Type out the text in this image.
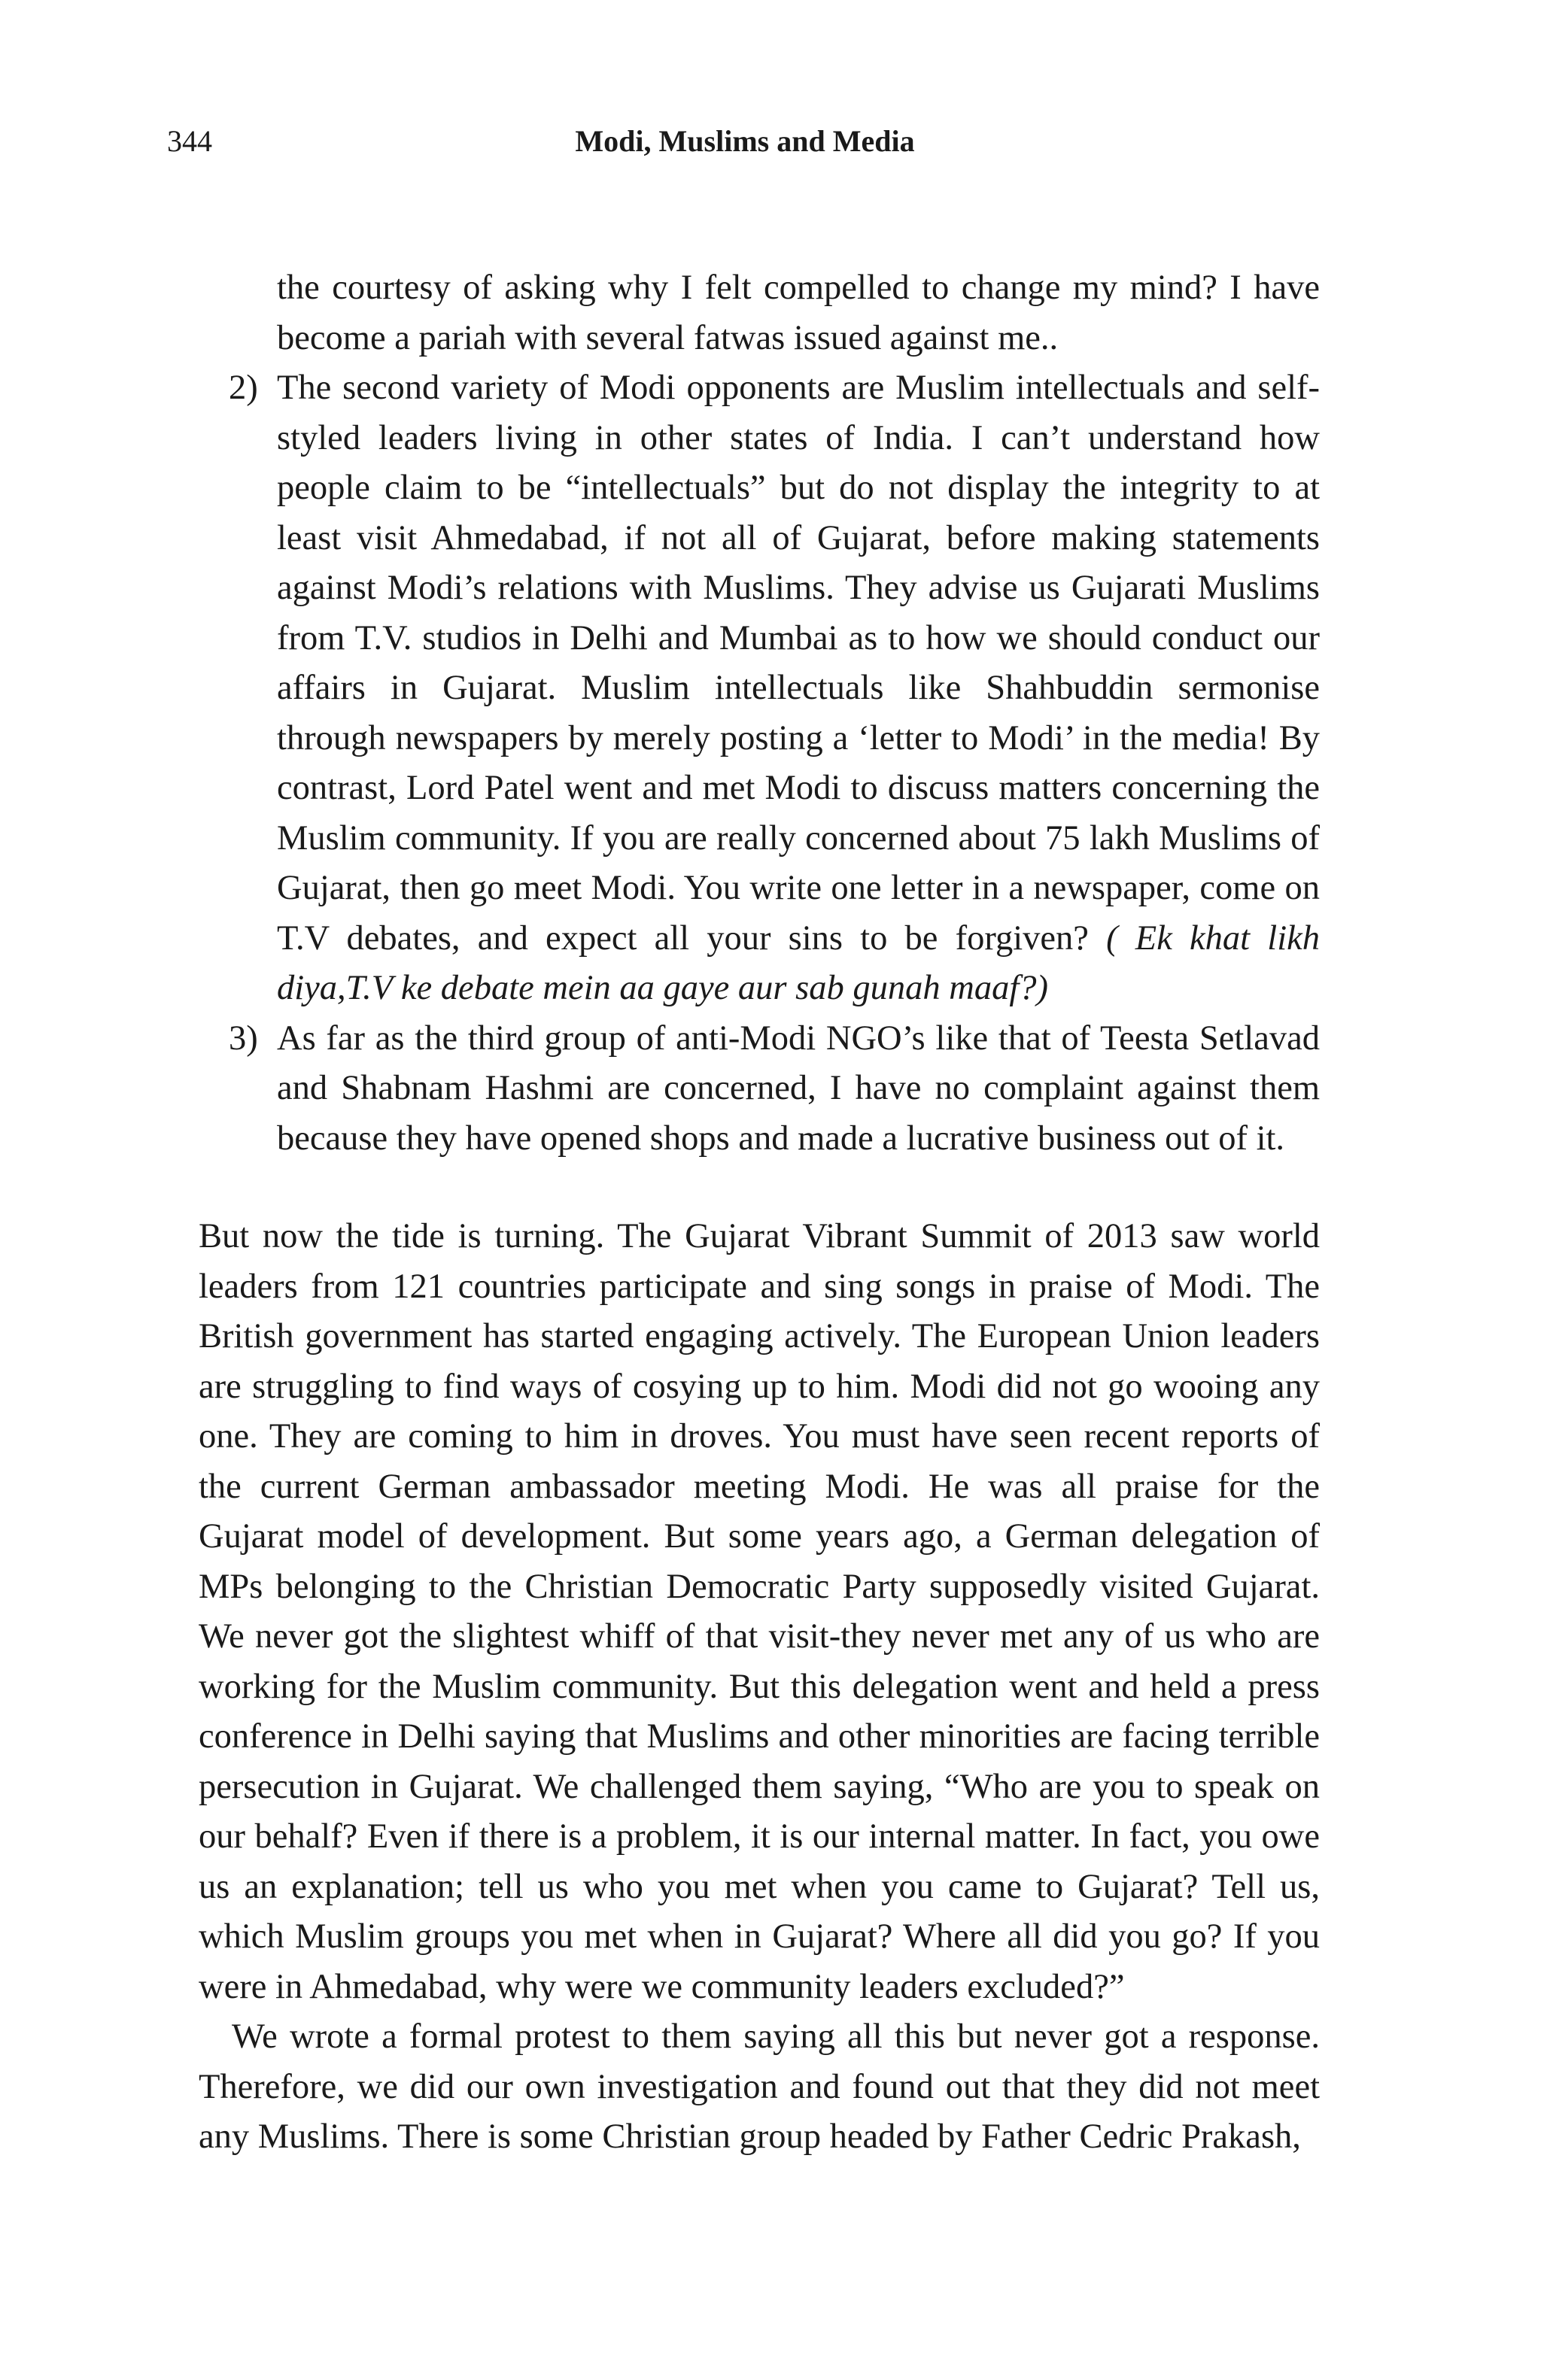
344	Modi, Muslims and Media

the courtesy of asking why I felt compelled to change my mind? I have become a pariah with several fatwas issued against me..

2) The second variety of Modi opponents are Muslim intellectuals and self-styled leaders living in other states of India. I can’t understand how people claim to be “intellectuals” but do not display the integrity to at least visit Ahmedabad, if not all of Gujarat, before making statements against Modi’s relations with Muslims. They advise us Gujarati Muslims from T.V. studios in Delhi and Mumbai as to how we should conduct our affairs in Gujarat. Muslim intellectuals like Shahbuddin sermonise through newspapers by merely posting a ‘letter to Modi’ in the media! By contrast, Lord Patel went and met Modi to discuss matters concerning the Muslim community. If you are really concerned about 75 lakh Muslims of Gujarat, then go meet Modi. You write one letter in a newspaper, come on T.V debates, and expect all your sins to be forgiven? ( Ek khat likh diya,T.V ke debate mein aa gaye aur sab gunah maaf?)
3) As far as the third group of anti-Modi NGO’s like that of Teesta Setlavad and Shabnam Hashmi are concerned, I have no complaint against them because they have opened shops and made a lucrative business out of it.

But now the tide is turning. The Gujarat Vibrant Summit of 2013 saw world leaders from 121 countries participate and sing songs in praise of Modi. The British government has started engaging actively. The European Union leaders are struggling to find ways of cosying up to him. Modi did not go wooing any one. They are coming to him in droves. You must have seen recent reports of the current German ambassador meeting Modi. He was all praise for the Gujarat model of development. But some years ago, a German delegation of MPs belonging to the Christian Democratic Party supposedly visited Gujarat. We never got the slightest whiff of that visit-they never met any of us who are working for the Muslim community. But this delegation went and held a press conference in Delhi saying that Muslims and other minorities are facing terrible persecution in Gujarat. We challenged them saying, “Who are you to speak on our behalf? Even if there is a problem, it is our internal matter. In fact, you owe us an explanation; tell us who you met when you came to Gujarat? Tell us, which Muslim groups you met when in Gujarat? Where all did you go? If you were in Ahmedabad, why were we community leaders excluded?”

We wrote a formal protest to them saying all this but never got a response. Therefore, we did our own investigation and found out that they did not meet any Muslims. There is some Christian group headed by Father Cedric Prakash,
